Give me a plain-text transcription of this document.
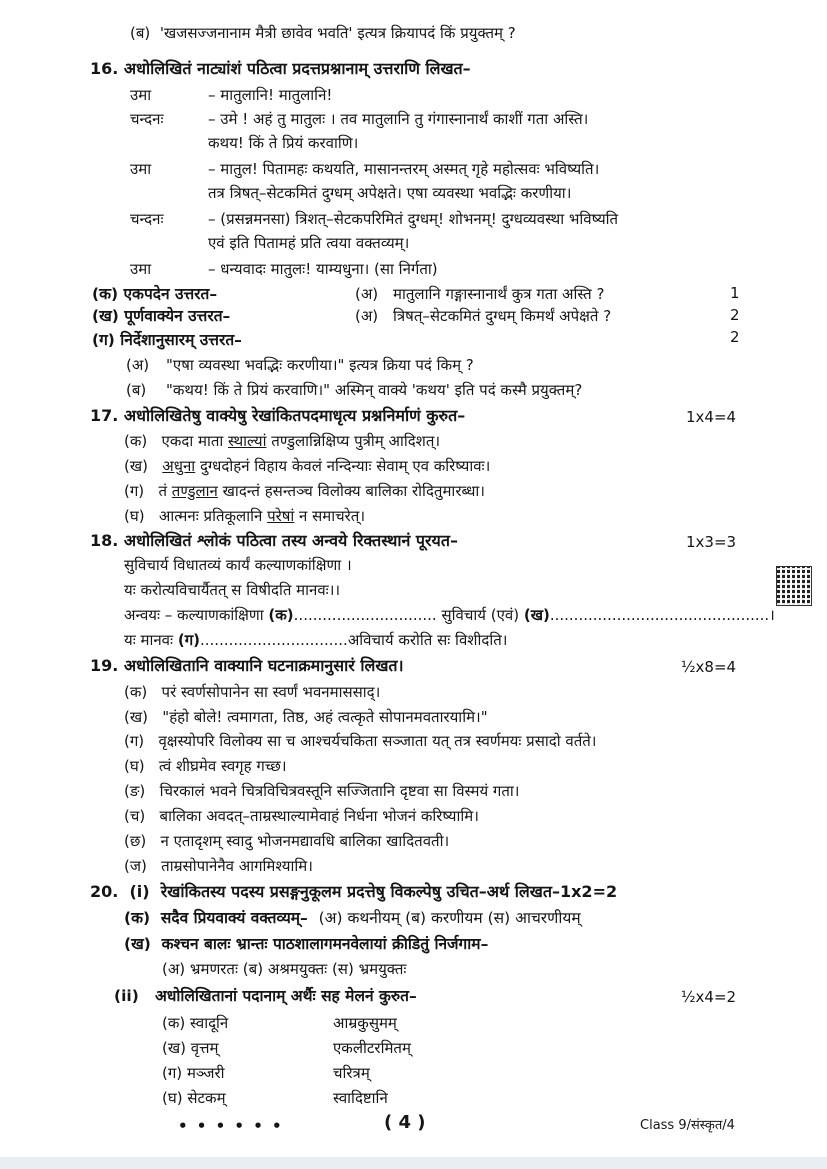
(ब) 'खजसज्जनानाम मैत्री छावेव भवति' इत्यत्र क्रियापदं किं प्रयुक्तम् ?
16. अधोलिखितं नाट्यांशं पठित्वा प्रदत्तप्रश्नानाम् उत्तराणि लिखत–
उमा	– मातुलानि! मातुलानि!
चन्दनः	– उमे ! अहं तु मातुलः । तव मातुलानि तु गंगास्नानार्थं काशीं गता अस्ति।
कथय! किं ते प्रियं करवाणि।
उमा	– मातुल! पितामहः कथयति, मासानन्तरम् अस्मत् गृहे महोत्सवः भविष्यति।
तत्र त्रिषत्–सेटकमितं दुग्धम् अपेक्षते। एषा व्यवस्था भवद्भिः करणीया।
चन्दनः	– (प्रसन्नमनसा) त्रिशत्–सेटकपरिमितं दुग्धम्! शोभनम्! दुग्धव्यवस्था भविष्यति
एवं इति पितामहं प्रति त्वया वक्तव्यम्।
उमा	– धन्यवादः मातुलः! याम्यधुना। (सा निर्गता)
(क) एकपदेन उत्तरत–	(अ) मातुलानि गङ्गास्नानार्थं कुत्र गता अस्ति ?	1
(ख) पूर्णवाक्येन उत्तरत–	(अ) त्रिषत्–सेटकमितं दुग्धम् किमर्थं अपेक्षते ?	2
(ग) निर्देशानुसारम् उत्तरत–	2
(अ) "एषा व्यवस्था भवद्भिः करणीया।" इत्यत्र क्रिया पदं किम् ?
(ब) "कथय! किं ते प्रियं करवाणि।" अस्मिन् वाक्ये 'कथय' इति पदं कस्मै प्रयुक्तम्?
17. अधोलिखितेषु वाक्येषु रेखांकितपदमाधृत्य प्रश्ननिर्माणं कुरुत–	1x4=4
(क) एकदा माता स्थाल्यां तण्डुलान्निक्षिप्य पुत्रीम् आदिशत्।
(ख) अधुना दुग्धदोहनं विहाय केवलं नन्दिन्याः सेवाम् एव करिष्यावः।
(ग) तं तण्डुलान खादन्तं हसन्तञ्च विलोक्य बालिका रोदितुमारब्धा।
(घ) आत्मनः प्रतिकूलानि परेषां न समाचरेत्।
18. अधोलिखितं श्लोकं पठित्वा तस्य अन्वये रिक्तस्थानं पूरयत–	1x3=3
सुविचार्य विधातव्यं कार्यं कल्याणकांक्षिणा ।
यः करोत्यविचार्यैतत् स विषीदति मानवः।।
अन्वयः – कल्याणकांक्षिणा (क).............................. सुविचार्य (एवं) (ख)..............................................।
यः मानवः (ग)...............................अविचार्य करोति सः विशीदति।
19. अधोलिखितानि वाक्यानि घटनाक्रमानुसारं लिखत।	½x8=4
(क) परं स्वर्णसोपानेन सा स्वर्णं भवनमाससाद्।
(ख) "हंहो बोले! त्वमागता, तिष्ठ, अहं त्वत्कृते सोपानमवतारयामि।"
(ग) वृक्षस्योपरि विलोक्य सा च आश्चर्यचकिता सञ्जाता यत् तत्र स्वर्णमयः प्रसादो वर्तते।
(घ) त्वं शीघ्रमेव स्वगृह गच्छ।
(ङ) चिरकालं भवने चित्रविचित्रवस्तूनि सज्जितानि दृष्टवा सा विस्मयं गता।
(च) बालिका अवदत्–ताम्रस्थाल्यामेवाहं निर्धना भोजनं करिष्यामि।
(छ) न एतादृशम् स्वादु भोजनमद्यावधि बालिका खादितवती।
(ज) ताम्रसोपानेनैव आगमिश्यामि।
20. (i) रेखांकितस्य पदस्य प्रसङ्गनुकूलम प्रदत्तेषु विकल्पेषु उचित–अर्थ लिखत–1x2=2
(क) सदैव प्रियवाक्यं वक्तव्यम्– (अ) कथनीयम् (ब) करणीयम (स) आचरणीयम्
(ख) कश्चन बालः भ्रान्तः पाठशालागमनवेलायां क्रीडितुं निर्जगाम–
(अ) भ्रमणरतः (ब) अश्रमयुक्तः (स) भ्रमयुक्तः
(ii) अधोलिखितानां पदानाम् अर्थैः सह मेलनं कुरुत–	½x4=2
(क) स्वादूनि	आम्रकुसुमम्
(ख) वृत्तम्	एकलीटरमितम्
(ग) मञ्जरी	चरित्रम्
(घ) सेटकम्	स्वादिष्टानि
• • • • • •	( 4 )	Class 9/संस्कृत/4
